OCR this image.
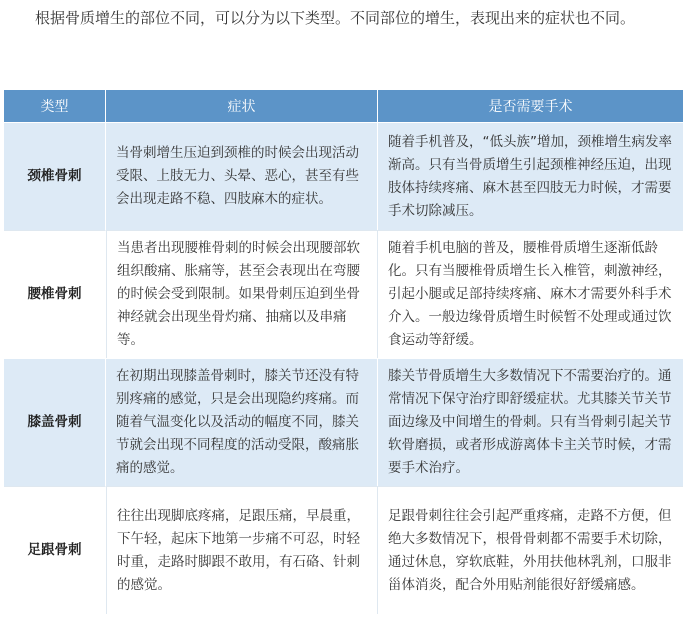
根据骨质增生的部位不同，可以分为以下类型。不同部位的增生，表现出来的症状也不同。

类型	症状	是否需要手术
颈椎骨刺	当骨刺增生压迫到颈椎的时候会出现活动受限、上肢无力、头晕、恶心，甚至有些会出现走路不稳、四肢麻木的症状。	随着手机普及，“低头族”增加，颈椎增生病发率渐高。只有当骨质增生引起颈椎神经压迫，出现肢体持续疼痛、麻木甚至四肢无力时候，才需要手术切除减压。
腰椎骨刺	当患者出现腰椎骨刺的时候会出现腰部软组织酸痛、胀痛等，甚至会表现出在弯腰的时候会受到限制。如果骨刺压迫到坐骨神经就会出现坐骨灼痛、抽痛以及串痛等。	随着手机电脑的普及，腰椎骨质增生逐渐低龄化。只有当腰椎骨质增生长入椎管，刺激神经，引起小腿或足部持续疼痛、麻木才需要外科手术介入。一般边缘骨质增生时候暂不处理或通过饮食运动等舒缓。
膝盖骨刺	在初期出现膝盖骨刺时，膝关节还没有特别疼痛的感觉，只是会出现隐约疼痛。而随着气温变化以及活动的幅度不同，膝关节就会出现不同程度的活动受限，酸痛胀痛的感觉。	膝关节骨质增生大多数情况下不需要治疗的。通常情况下保守治疗即舒缓症状。尤其膝关节关节面边缘及中间增生的骨刺。只有当骨刺引起关节软骨磨损，或者形成游离体卡主关节时候，才需要手术治疗。
足跟骨刺	往往出现脚底疼痛，足跟压痛，早晨重，下午轻，起床下地第一步痛不可忍，时轻时重，走路时脚跟不敢用，有石硌、针刺的感觉。	足跟骨刺往往会引起严重疼痛，走路不方便，但绝大多数情况下，根骨骨刺都不需要手术切除，通过休息，穿软底鞋，外用扶他林乳剂，口服非甾体消炎，配合外用贴剂能很好舒缓痛感。
